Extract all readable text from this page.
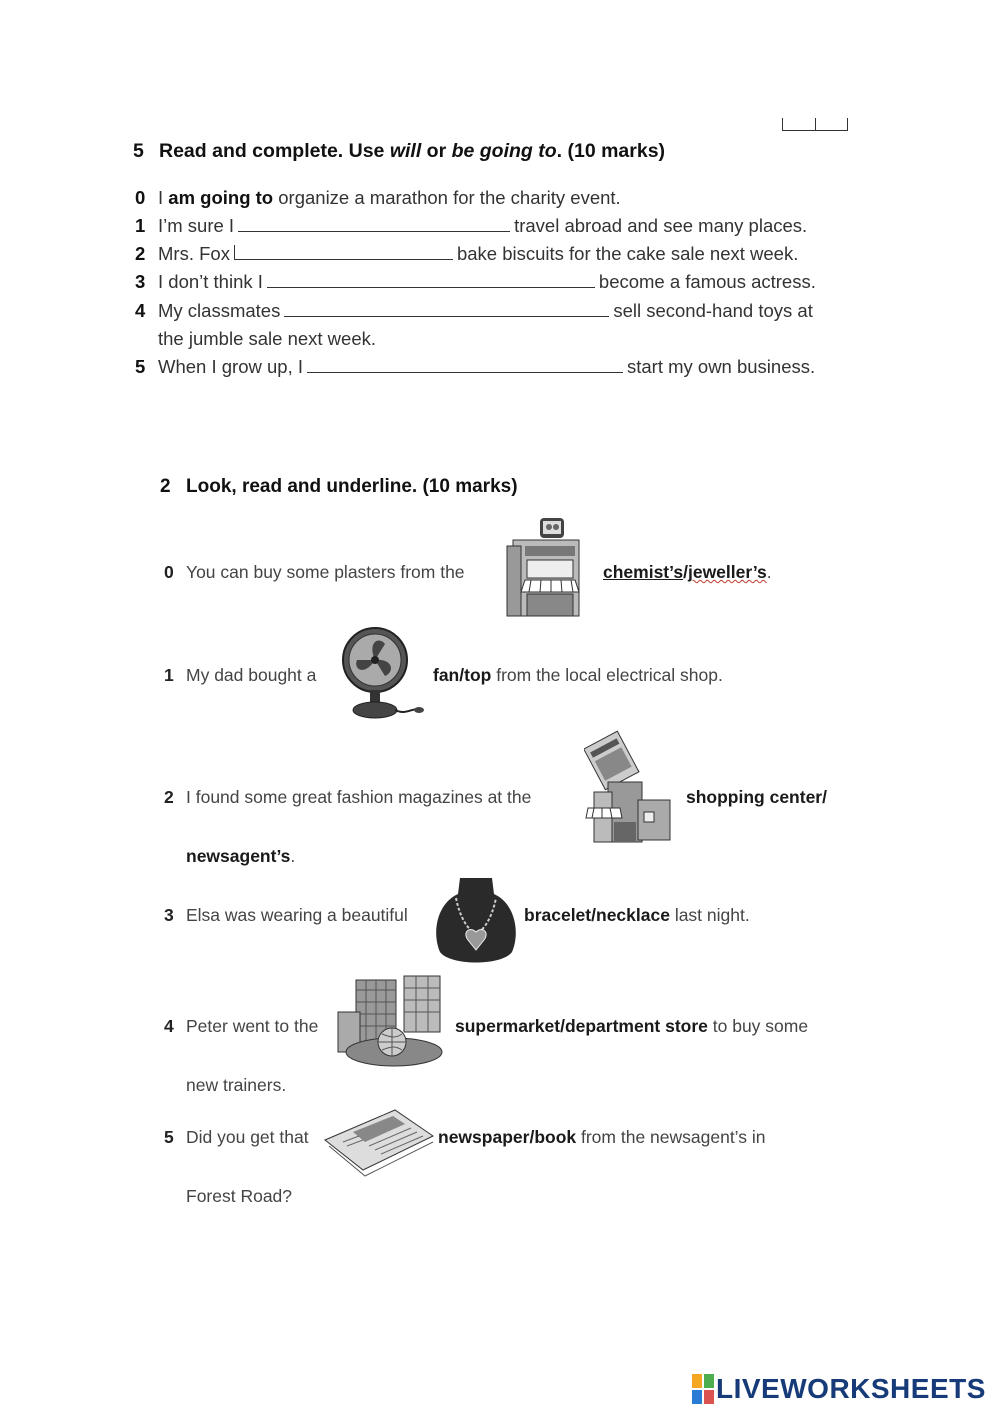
5 Read and complete. Use will or be going to. (10 marks)
0 I am going to organize a marathon for the charity event.
1 I’m sure I	travel abroad and see many places.
2 Mrs. Fox	bake biscuits for the cake sale next week.
3 I don’t think I	become a famous actress.
4 My classmates	sell second-hand toys at
the jumble sale next week.
5 When I grow up, I	start my own business.
2 Look, read and underline. (10 marks)
0 You can buy some plasters from the	chemist’s/jeweller’s.
1 My dad bought a	fan/top from the local electrical shop.
2 I found some great fashion magazines at the	shopping center/
newsagent’s.
3 Elsa was wearing a beautiful	bracelet/necklace last night.
4 Peter went to the	supermarket/department store to buy some
new trainers.
5 Did you get that	newspaper/book from the newsagent’s in
Forest Road?
LIVEWORKSHEETS
